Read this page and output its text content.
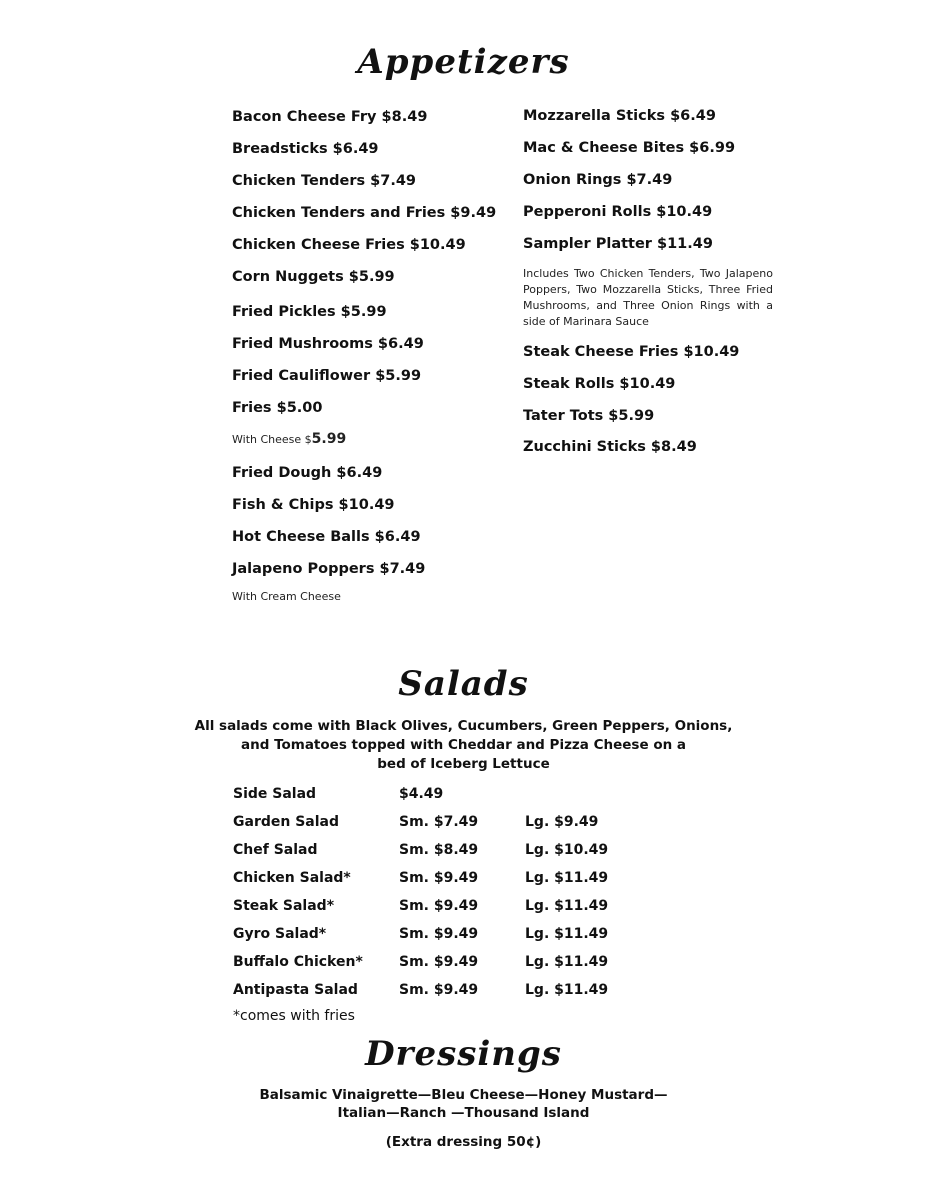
Appetizers
Bacon Cheese Fry $8.49
Breadsticks $6.49
Chicken Tenders $7.49
Chicken Tenders and Fries $9.49
Chicken Cheese Fries $10.49
Corn Nuggets $5.99
Fried Pickles $5.99
Fried Mushrooms $6.49
Fried Cauliflower $5.99
Fries $5.00
With Cheese $5.99
Fried Dough $6.49
Fish & Chips $10.49
Hot Cheese Balls $6.49
Jalapeno Poppers $7.49
With Cream Cheese
Mozzarella Sticks $6.49
Mac & Cheese Bites $6.99
Onion Rings $7.49
Pepperoni Rolls $10.49
Sampler Platter $11.49
Includes Two Chicken Tenders, Two Jalapeno Poppers, Two Mozzarella Sticks, Three Fried Mushrooms, and Three Onion Rings with a side of Marinara Sauce
Steak Cheese Fries $10.49
Steak Rolls $10.49
Tater Tots $5.99
Zucchini Sticks $8.49
Salads
All salads come with Black Olives, Cucumbers, Green Peppers, Onions,
and Tomatoes topped with Cheddar and Pizza Cheese on a
bed of Iceberg Lettuce
Side Salad	$4.49	
Garden Salad	Sm. $7.49	Lg. $9.49
Chef Salad	Sm. $8.49	Lg. $10.49
Chicken Salad*	Sm. $9.49	Lg. $11.49
Steak Salad*	Sm. $9.49	Lg. $11.49
Gyro Salad*	Sm. $9.49	Lg. $11.49
Buffalo Chicken*	Sm. $9.49	Lg. $11.49
Antipasta Salad	Sm. $9.49	Lg. $11.49
*comes with fries
Dressings
Balsamic Vinaigrette—Bleu Cheese—Honey Mustard—
Italian—Ranch —Thousand Island
(Extra dressing 50¢)
